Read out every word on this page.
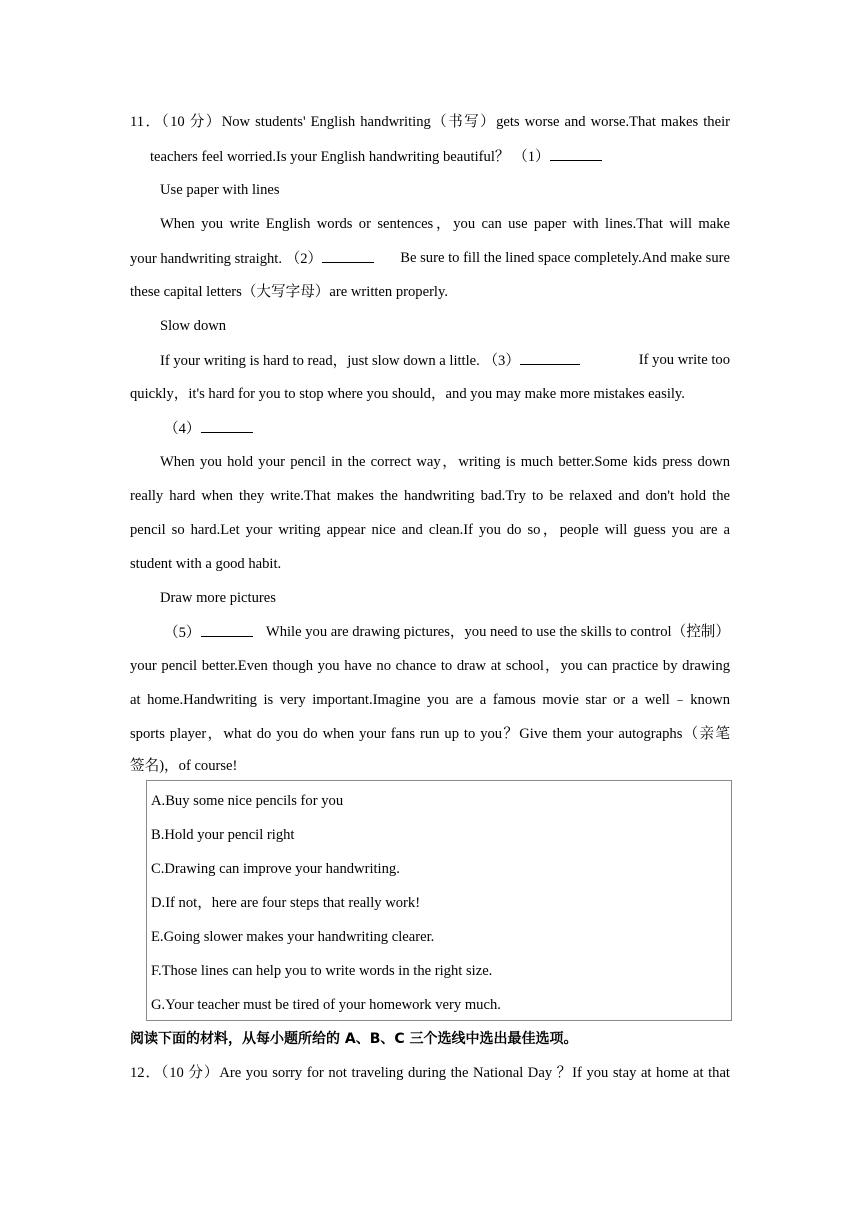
11．（10 分）Now students' English handwriting（书写）gets worse and worse.That makes their
teachers feel worried.Is your English handwriting beautiful？ （1）
Use paper with lines
When you write English words or sentences，you can use paper with lines.That will make
your handwriting straight. （2）	Be sure to fill the lined space completely.And make sure
these capital letters（大写字母）are written properly.
Slow down
If your writing is hard to read，just slow down a little. （3）	If you write too
quickly，it's hard for you to stop where you should，and you may make more mistakes easily.
（4）
When you hold your pencil in the correct way，writing is much better.Some kids press down
really hard when they write.That makes the handwriting bad.Try to be relaxed and don't hold the
pencil so hard.Let your writing appear nice and clean.If you do so，people will guess you are a
student with a good habit.
Draw more pictures
（5）	While you are drawing pictures，you need to use the skills to control（控制）
your pencil better.Even though you have no chance to draw at school，you can practice by drawing
at home.Handwriting is very important.Imagine you are a famous movie star or a well﹣known
sports player，what do you do when your fans run up to you？Give them your autographs（亲笔
签名)，of course!
A.Buy some nice pencils for you
B.Hold your pencil right
C.Drawing can improve your handwriting.
D.If not，here are four steps that really work!
E.Going slower makes your handwriting clearer.
F.Those lines can help you to write words in the right size.
G.Your teacher must be tired of your homework very much.
阅读下面的材料，从每小题所给的 A、B、C 三个选线中选出最佳选项。
12．（10 分）Are you sorry for not traveling during the National Day ？If you stay at home at that
